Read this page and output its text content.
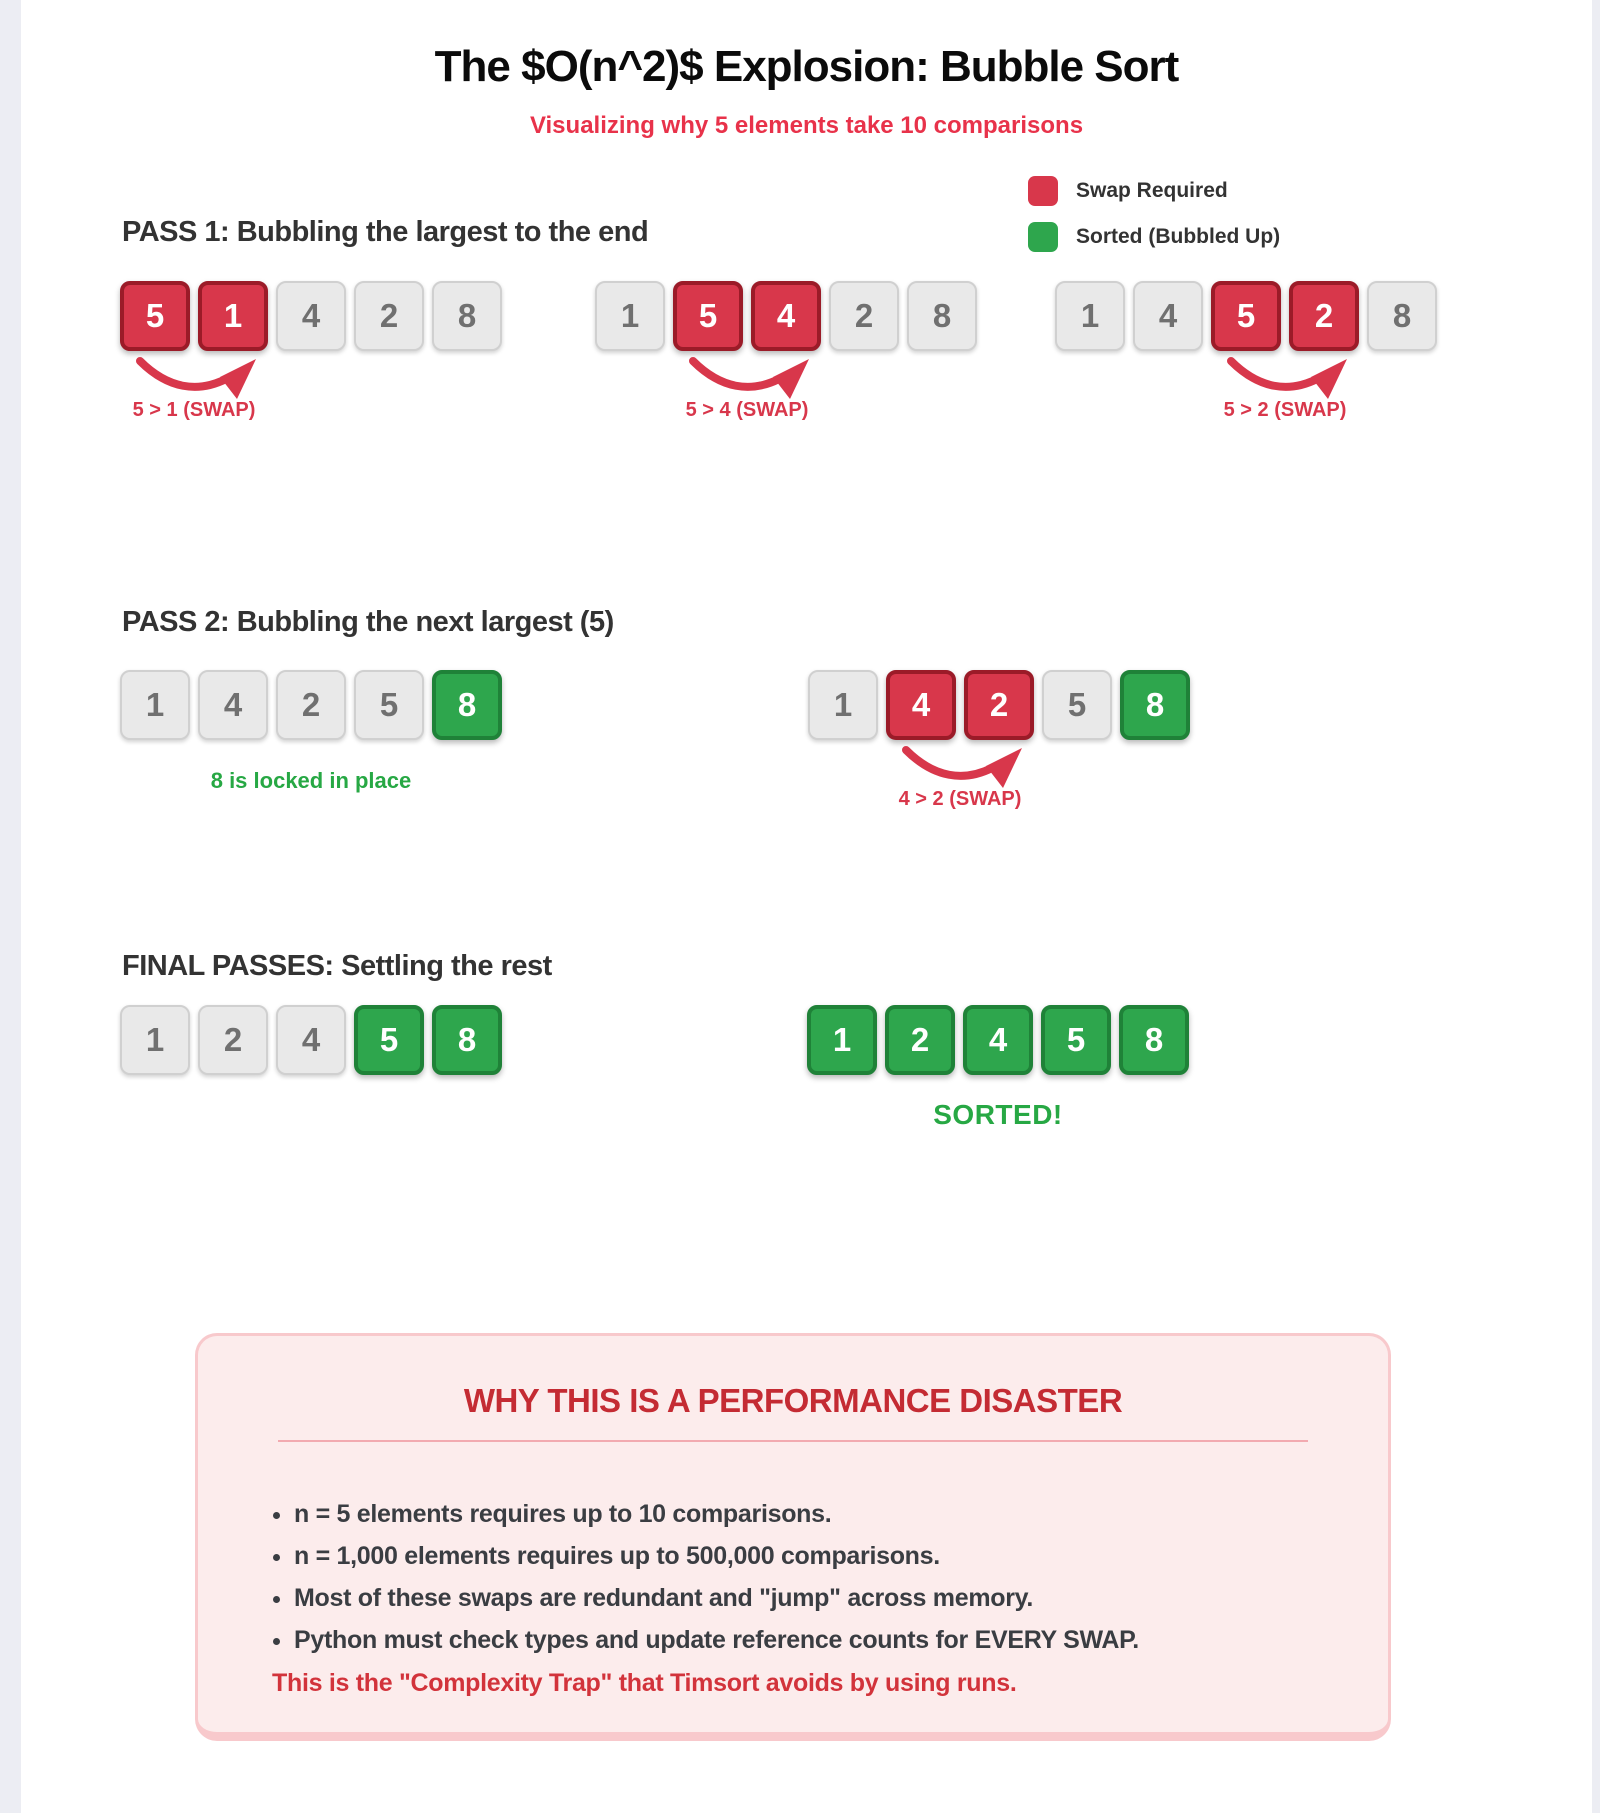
The $O(n^2)$ Explosion: Bubble Sort
Visualizing why 5 elements take 10 comparisons
Swap Required
Sorted (Bubbled Up)
PASS 1: Bubbling the largest to the end
5	1	4	2	8
5 > 1 (SWAP)
1	5	4	2	8
5 > 4 (SWAP)
1	4	5	2	8
5 > 2 (SWAP)
PASS 2: Bubbling the next largest (5)
1	4	2	5	8
8 is locked in place
1	4	2	5	8
4 > 2 (SWAP)
FINAL PASSES: Settling the rest
1	2	4	5	8	1	2	4	5	8
SORTED!
WHY THIS IS A PERFORMANCE DISASTER
• n = 5 elements requires up to 10 comparisons.
• n = 1,000 elements requires up to 500,000 comparisons.
• Most of these swaps are redundant and "jump" across memory.
• Python must check types and update reference counts for EVERY SWAP.
This is the "Complexity Trap" that Timsort avoids by using runs.
